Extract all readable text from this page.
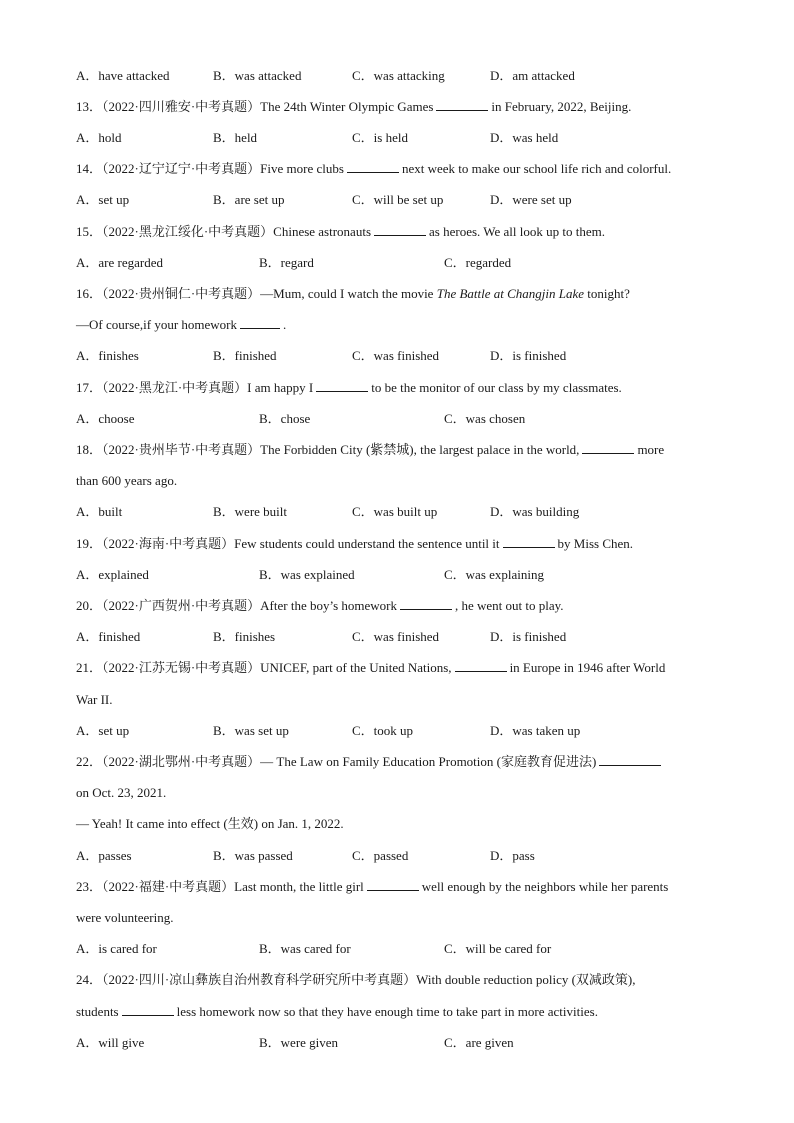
A．have attacked	B．was attacked	C．was attacking	D．am attacked
13．（2022·四川雅安·中考真题）The 24th Winter Olympic Games	in February, 2022, Beijing.
A．hold	B．held	C．is held	D．was held
14．（2022·辽宁辽宁·中考真题）Five more clubs	next week to make our school life rich and colorful.
A．set up	B．are set up	C．will be set up	D．were set up
15．（2022·黑龙江绥化·中考真题）Chinese astronauts	as heroes. We all look up to them.
A．are regarded	B．regard	C．regarded
16．（2022·贵州铜仁·中考真题）—Mum, could I watch the movie The Battle at Changjin Lake tonight?
—Of course,if your homework	.
A．finishes	B．finished	C．was finished	D．is finished
17．（2022·黑龙江·中考真题）I am happy I	to be the monitor of our class by my classmates.
A．choose	B．chose	C．was chosen
18．（2022·贵州毕节·中考真题）The Forbidden City (紫禁城), the largest palace in the world,	more
than 600 years ago.
A．built	B．were built	C．was built up	D．was building
19．（2022·海南·中考真题）Few students could understand the sentence until it	by Miss Chen.
A．explained	B．was explained	C．was explaining
20．（2022·广西贺州·中考真题）After the boy’s homework	, he went out to play.
A．finished	B．finishes	C．was finished	D．is finished
21．（2022·江苏无锡·中考真题）UNICEF, part of the United Nations,	in Europe in 1946 after World
War II.
A．set up	B．was set up	C．took up	D．was taken up
22．（2022·湖北鄂州·中考真题）— The Law on Family Education Promotion (家庭教育促进法)
on Oct. 23, 2021.
— Yeah! It came into effect (生效) on Jan. 1, 2022.
A．passes	B．was passed	C．passed	D．pass
23．（2022·福建·中考真题）Last month, the little girl	well enough by the neighbors while her parents
were volunteering.
A．is cared for	B．was cared for	C．will be cared for
24．（2022·四川·凉山彝族自治州教育科学研究所中考真题）With double reduction policy (双减政策),
students	less homework now so that they have enough time to take part in more activities.
A．will give	B．were given	C．are given
